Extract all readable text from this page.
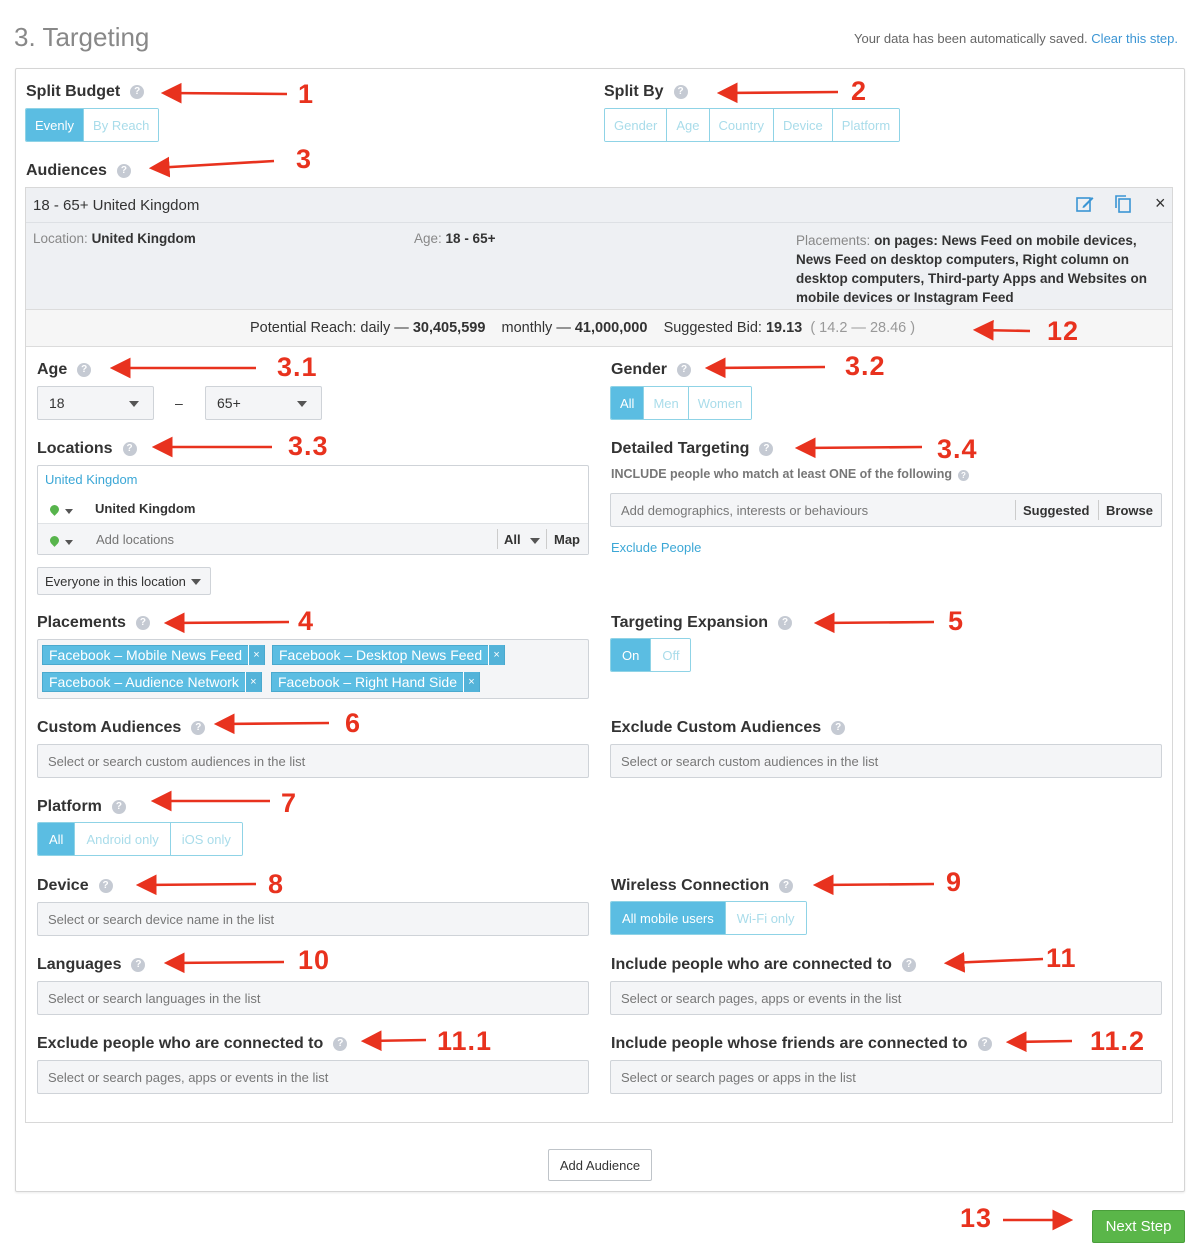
3. Targeting	Your data has been automatically saved. Clear this step.
Split Budget	?
Evenly	By Reach
Split By	?
Gender	Age	Country	Device	Platform
Audiences	?
18 - 65+ United Kingdom	×
Location: United Kingdom	Age: 18 - 65+	Placements: on pages: News Feed on mobile devices,
News Feed on desktop computers, Right column on
desktop computers, Third-party Apps and Websites on
mobile devices or Instagram Feed
Potential Reach: daily — 30,405,599 monthly — 41,000,000 Suggested Bid: 19.13 ( 14.2 — 28.46 )
Age	?
18	– 65+
Gender	?
All	Men	Women
Locations	?
United Kingdom
United Kingdom
Add locations
All	Map
Everyone in this location
Detailed Targeting	?
INCLUDE people who match at least ONE of the following ?
Add demographics, interests or behaviours	Suggested Browse
Exclude People
Placements	?
Facebook – Mobile News Feed	×	Facebook – Desktop News Feed	×
Facebook – Audience Network	×	Facebook – Right Hand Side	×
Targeting Expansion	?
On	Off
Custom Audiences	?
Select or search custom audiences in the list
Exclude Custom Audiences	?
Select or search custom audiences in the list
Platform	?
All	Android only	iOS only
Device	?
Select or search device name in the list
Wireless Connection	?
All mobile users	Wi-Fi only
Languages	?
Select or search languages in the list
Include people who are connected to	?
Select or search pages, apps or events in the list
Exclude people who are connected to	?
Select or search pages, apps or events in the list
Include people whose friends are connected to	?
Select or search pages or apps in the list
Add Audience
Next Step
1	2
3
12
3.1	3.2
3.3	3.4
4	5
6
7
8	9
10	11
11.1	11.2
13
